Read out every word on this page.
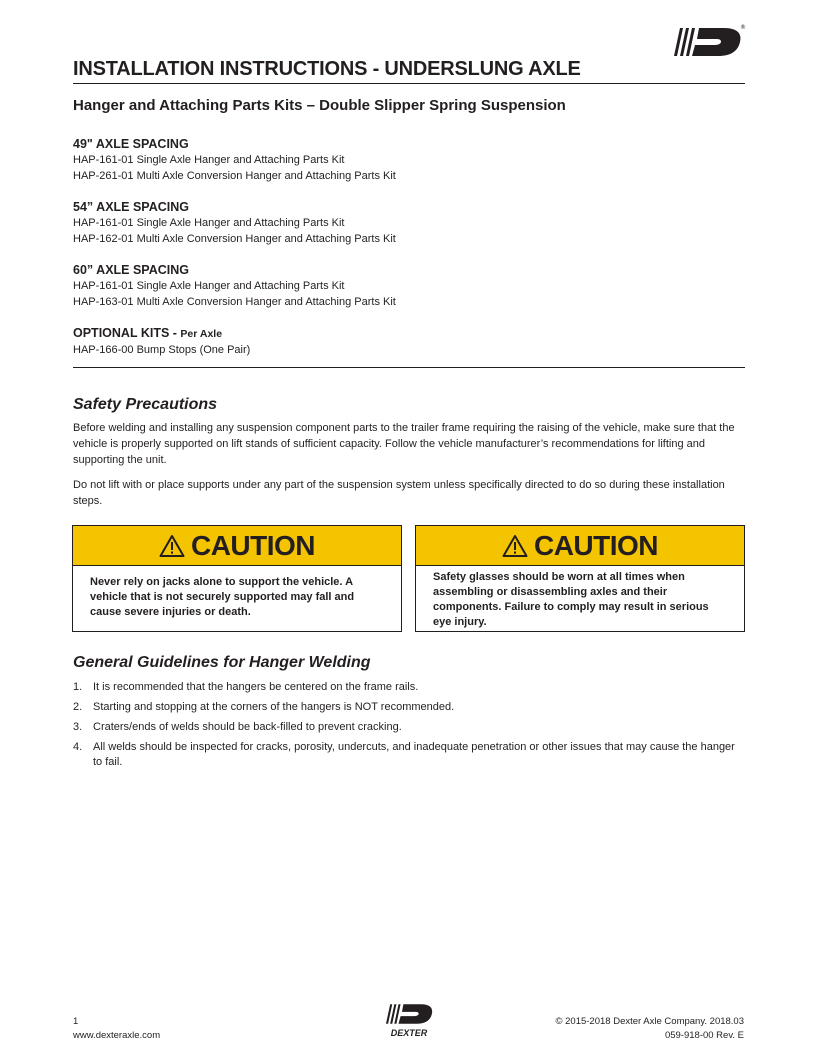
®
INSTALLATION INSTRUCTIONS - UNDERSLUNG AXLE
Hanger and Attaching Parts Kits – Double Slipper Spring Suspension
49" AXLE SPACING
HAP-161-01 Single Axle Hanger and Attaching Parts Kit
HAP-261-01 Multi Axle Conversion Hanger and Attaching Parts Kit
54” AXLE SPACING
HAP-161-01 Single Axle Hanger and Attaching Parts Kit
HAP-162-01 Multi Axle Conversion Hanger and Attaching Parts Kit
60” AXLE SPACING
HAP-161-01 Single Axle Hanger and Attaching Parts Kit
HAP-163-01 Multi Axle Conversion Hanger and Attaching Parts Kit
OPTIONAL KITS - Per Axle
HAP-166-00 Bump Stops (One Pair)
Safety Precautions

Before welding and installing any suspension component parts to the trailer frame requiring the raising of the vehicle, make sure that the vehicle is properly supported on lift stands of sufficient capacity. Follow the vehicle manufacturer’s recommendations for lifting and supporting the unit.

Do not lift with or place supports under any part of the suspension system unless specifically directed to do so during these installation steps.

CAUTION
Never rely on jacks alone to support the vehicle. A vehicle that is not securely supported may fall and cause severe injuries or death.
CAUTION
Safety glasses should be worn at all times when assembling or disassembling axles and their components. Failure to comply may result in serious eye injury.
General Guidelines for Hanger Welding
1. It is recommended that the hangers be centered on the frame rails.
2. Starting and stopping at the corners of the hangers is NOT recommended.
3. Craters/ends of welds should be back-filled to prevent cracking.
4. All welds should be inspected for cracks, porosity, undercuts, and inadequate penetration or other issues that may cause the hanger to fail.
1
www.dexteraxle.com	DEXTER
© 2015-2018 Dexter Axle Company. 2018.03
059-918-00 Rev. E
